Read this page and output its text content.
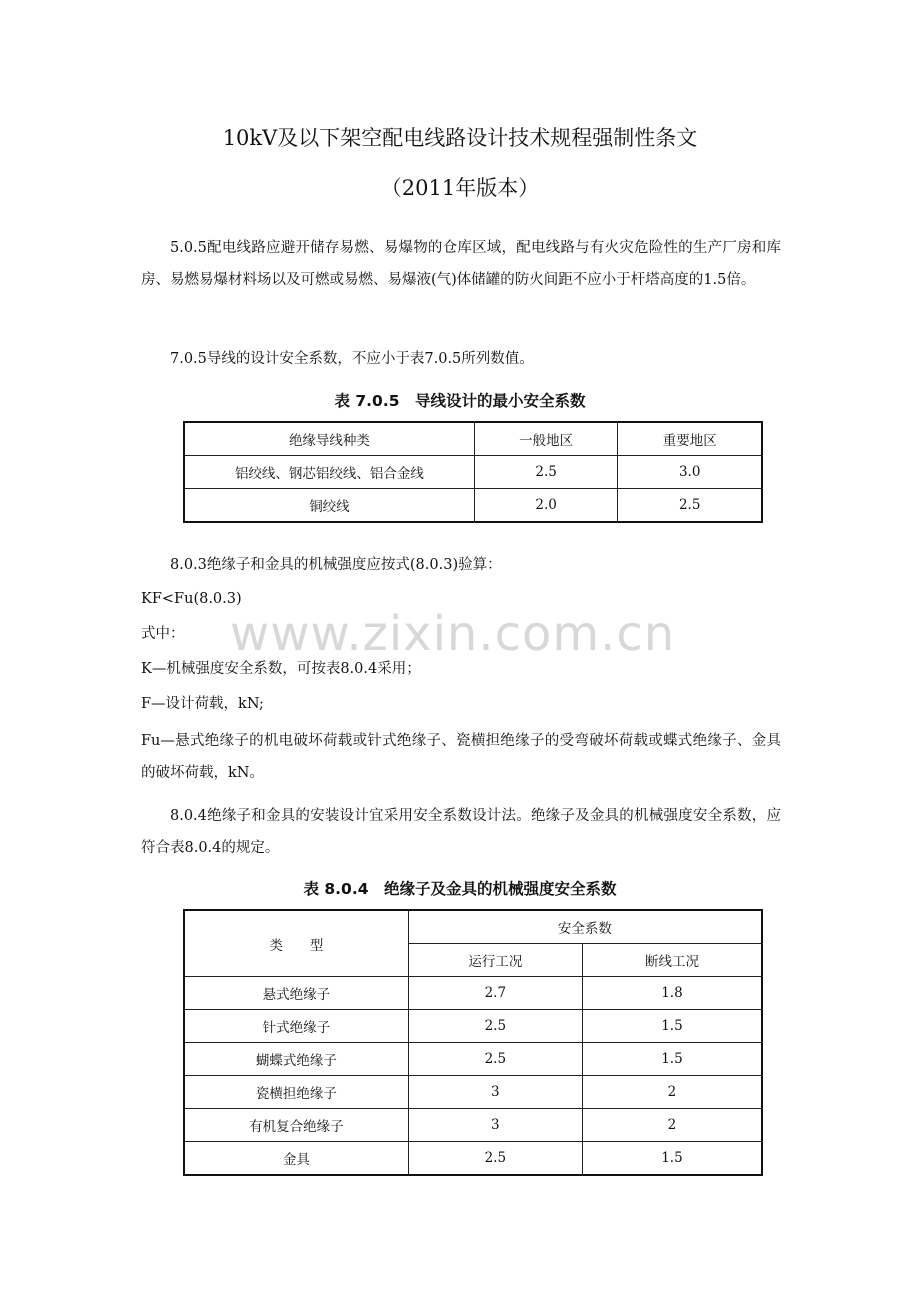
10kV及以下架空配电线路设计技术规程强制性条文
（2011年版本）

5.0.5配电线路应避开储存易燃、易爆物的仓库区域，配电线路与有火灾危险性的生产厂房和库房、易燃易爆材料场以及可燃或易燃、易爆液(气)体储罐的防火间距不应小于杆塔高度的1.5倍。

7.0.5导线的设计安全系数，不应小于表7.0.5所列数值。

表 7.0.5　导线设计的最小安全系数
绝缘导线种类	一般地区	重要地区
铝绞线、钢芯铝绞线、铝合金线	2.5	3.0
铜绞线	2.0	2.5

8.0.3绝缘子和金具的机械强度应按式(8.0.3)验算：

KF<Fu(8.0.3)

式中：

K—机械强度安全系数，可按表8.0.4采用；

F—设计荷载，kN;

Fu—悬式绝缘子的机电破坏荷载或针式绝缘子、瓷横担绝缘子的受弯破坏荷载或蝶式绝缘子、金具的破坏荷载，kN。

8.0.4绝缘子和金具的安装设计宜采用安全系数设计法。绝缘子及金具的机械强度安全系数，应符合表8.0.4的规定。

www.zixin.com.cn
表 8.0.4　绝缘子及金具的机械强度安全系数
类　　型	安全系数	
	运行工况	断线工况
悬式绝缘子	2.7	1.8
针式绝缘子	2.5	1.5
蝴蝶式绝缘子	2.5	1.5
瓷横担绝缘子	3	2
有机复合绝缘子	3	2
金具	2.5	1.5
